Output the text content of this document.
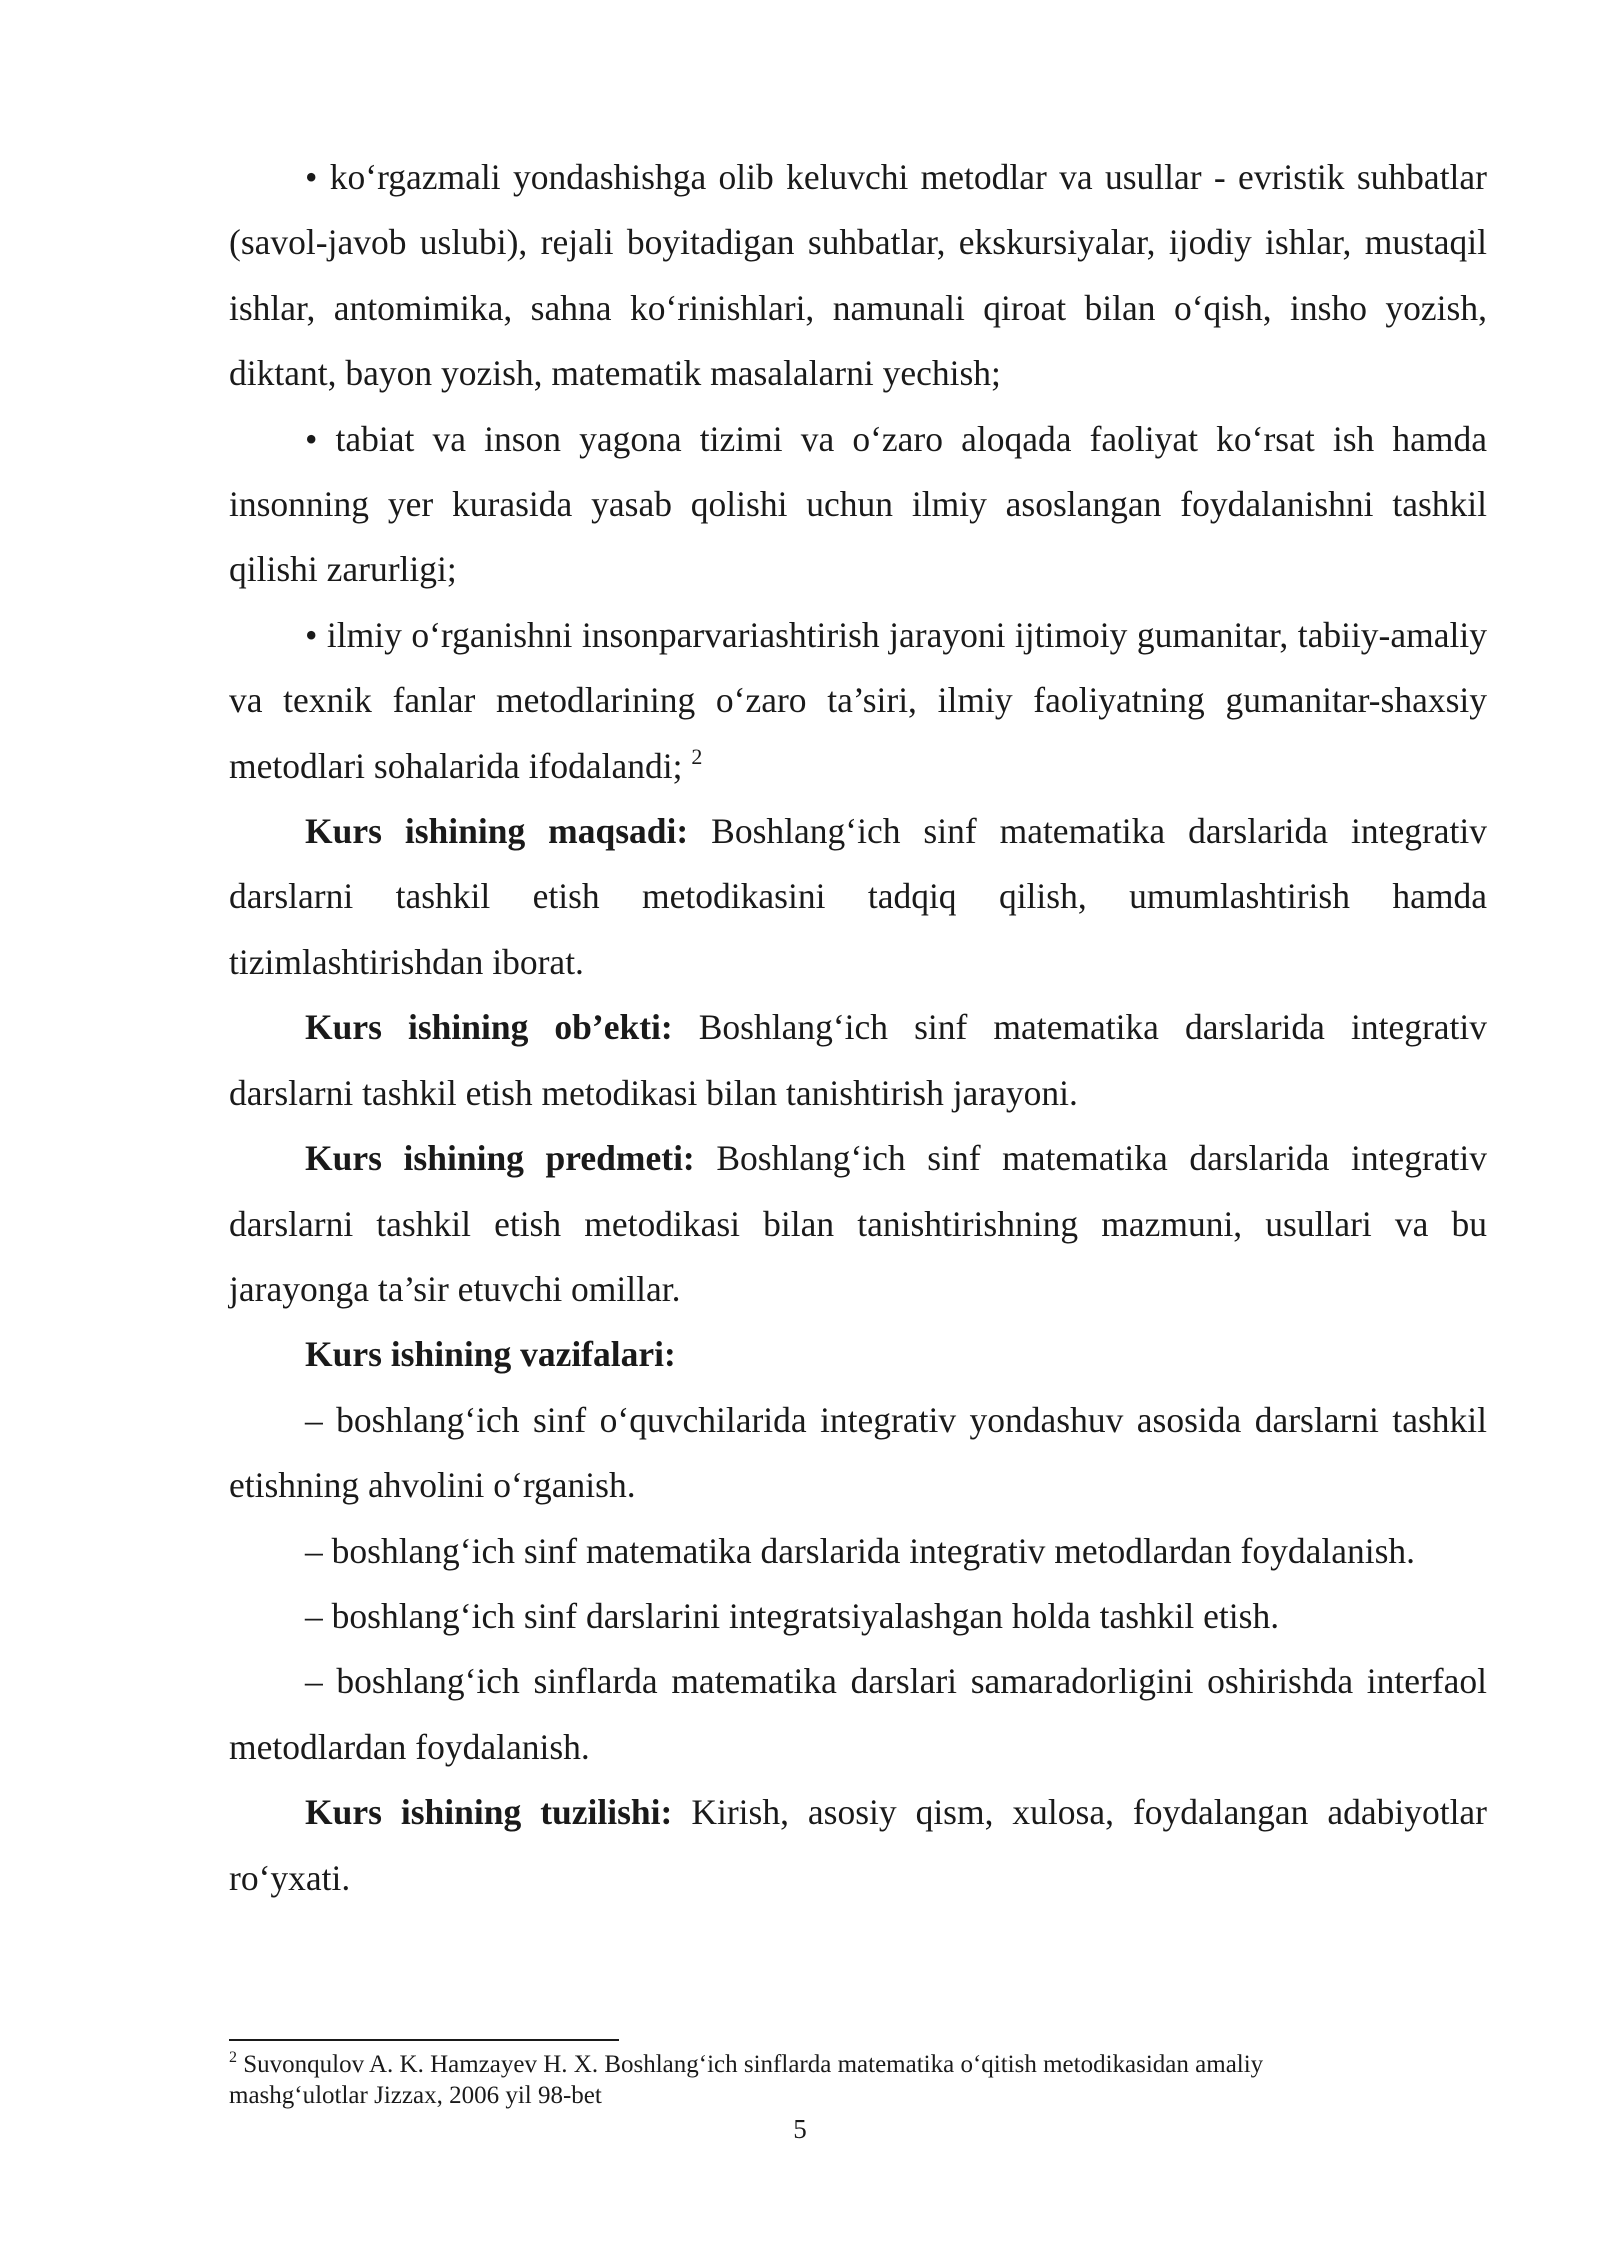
• ko‘rgazmali yondashishga olib keluvchi metodlar va usullar - evristik suhbatlar (savol-javob uslubi), rejali boyitadigan suhbatlar, ekskursiyalar, ijodiy ishlar, mustaqil ishlar, antomimika, sahna ko‘rinishlari, namunali qiroat bilan o‘qish, insho yozish, diktant, bayon yozish, matematik masalalarni yechish;

• tabiat va inson yagona tizimi va o‘zaro aloqada faoliyat ko‘rsat ish hamda insonning yer kurasida yasab qolishi uchun ilmiy asoslangan foydalanishni tashkil qilishi zarurligi;

• ilmiy o‘rganishni insonparvariashtirish jarayoni ijtimoiy gumanitar, tabiiy-amaliy va texnik fanlar metodlarining o‘zaro ta’siri, ilmiy faoliyatning gumanitar-shaxsiy metodlari sohalarida ifodalandi; $^2$

Kurs ishining maqsadi: Boshlang‘ich sinf matematika darslarida integrativ darslarni tashkil etish metodikasini tadqiq qilish, umumlashtirish hamda tizimlashtirishdan iborat.

Kurs ishining ob’ekti: Boshlang‘ich sinf matematika darslarida integrativ darslarni tashkil etish metodikasi bilan tanishtirish jarayoni.

Kurs ishining predmeti: Boshlang‘ich sinf matematika darslarida integrativ darslarni tashkil etish metodikasi bilan tanishtirishning mazmuni, usullari va bu jarayonga ta’sir etuvchi omillar.

Kurs ishining vazifalari:

– boshlang‘ich sinf o‘quvchilarida integrativ yondashuv asosida darslarni tashkil etishning ahvolini o‘rganish.

– boshlang‘ich sinf matematika darslarida integrativ metodlardan foydalanish.

– boshlang‘ich sinf darslarini integratsiyalashgan holda tashkil etish.

– boshlang‘ich sinflarda matematika darslari samaradorligini oshirishda interfaol metodlardan foydalanish.

Kurs ishining tuzilishi: Kirish, asosiy qism, xulosa, foydalangan adabiyotlar ro‘yxati.

$^2$ Suvonqulov A. K. Hamzayev H. X. Boshlang‘ich sinflarda matematika o‘qitish metodikasidan amaliy mashg‘ulotlar Jizzax, 2006 yil 98-bet
5
